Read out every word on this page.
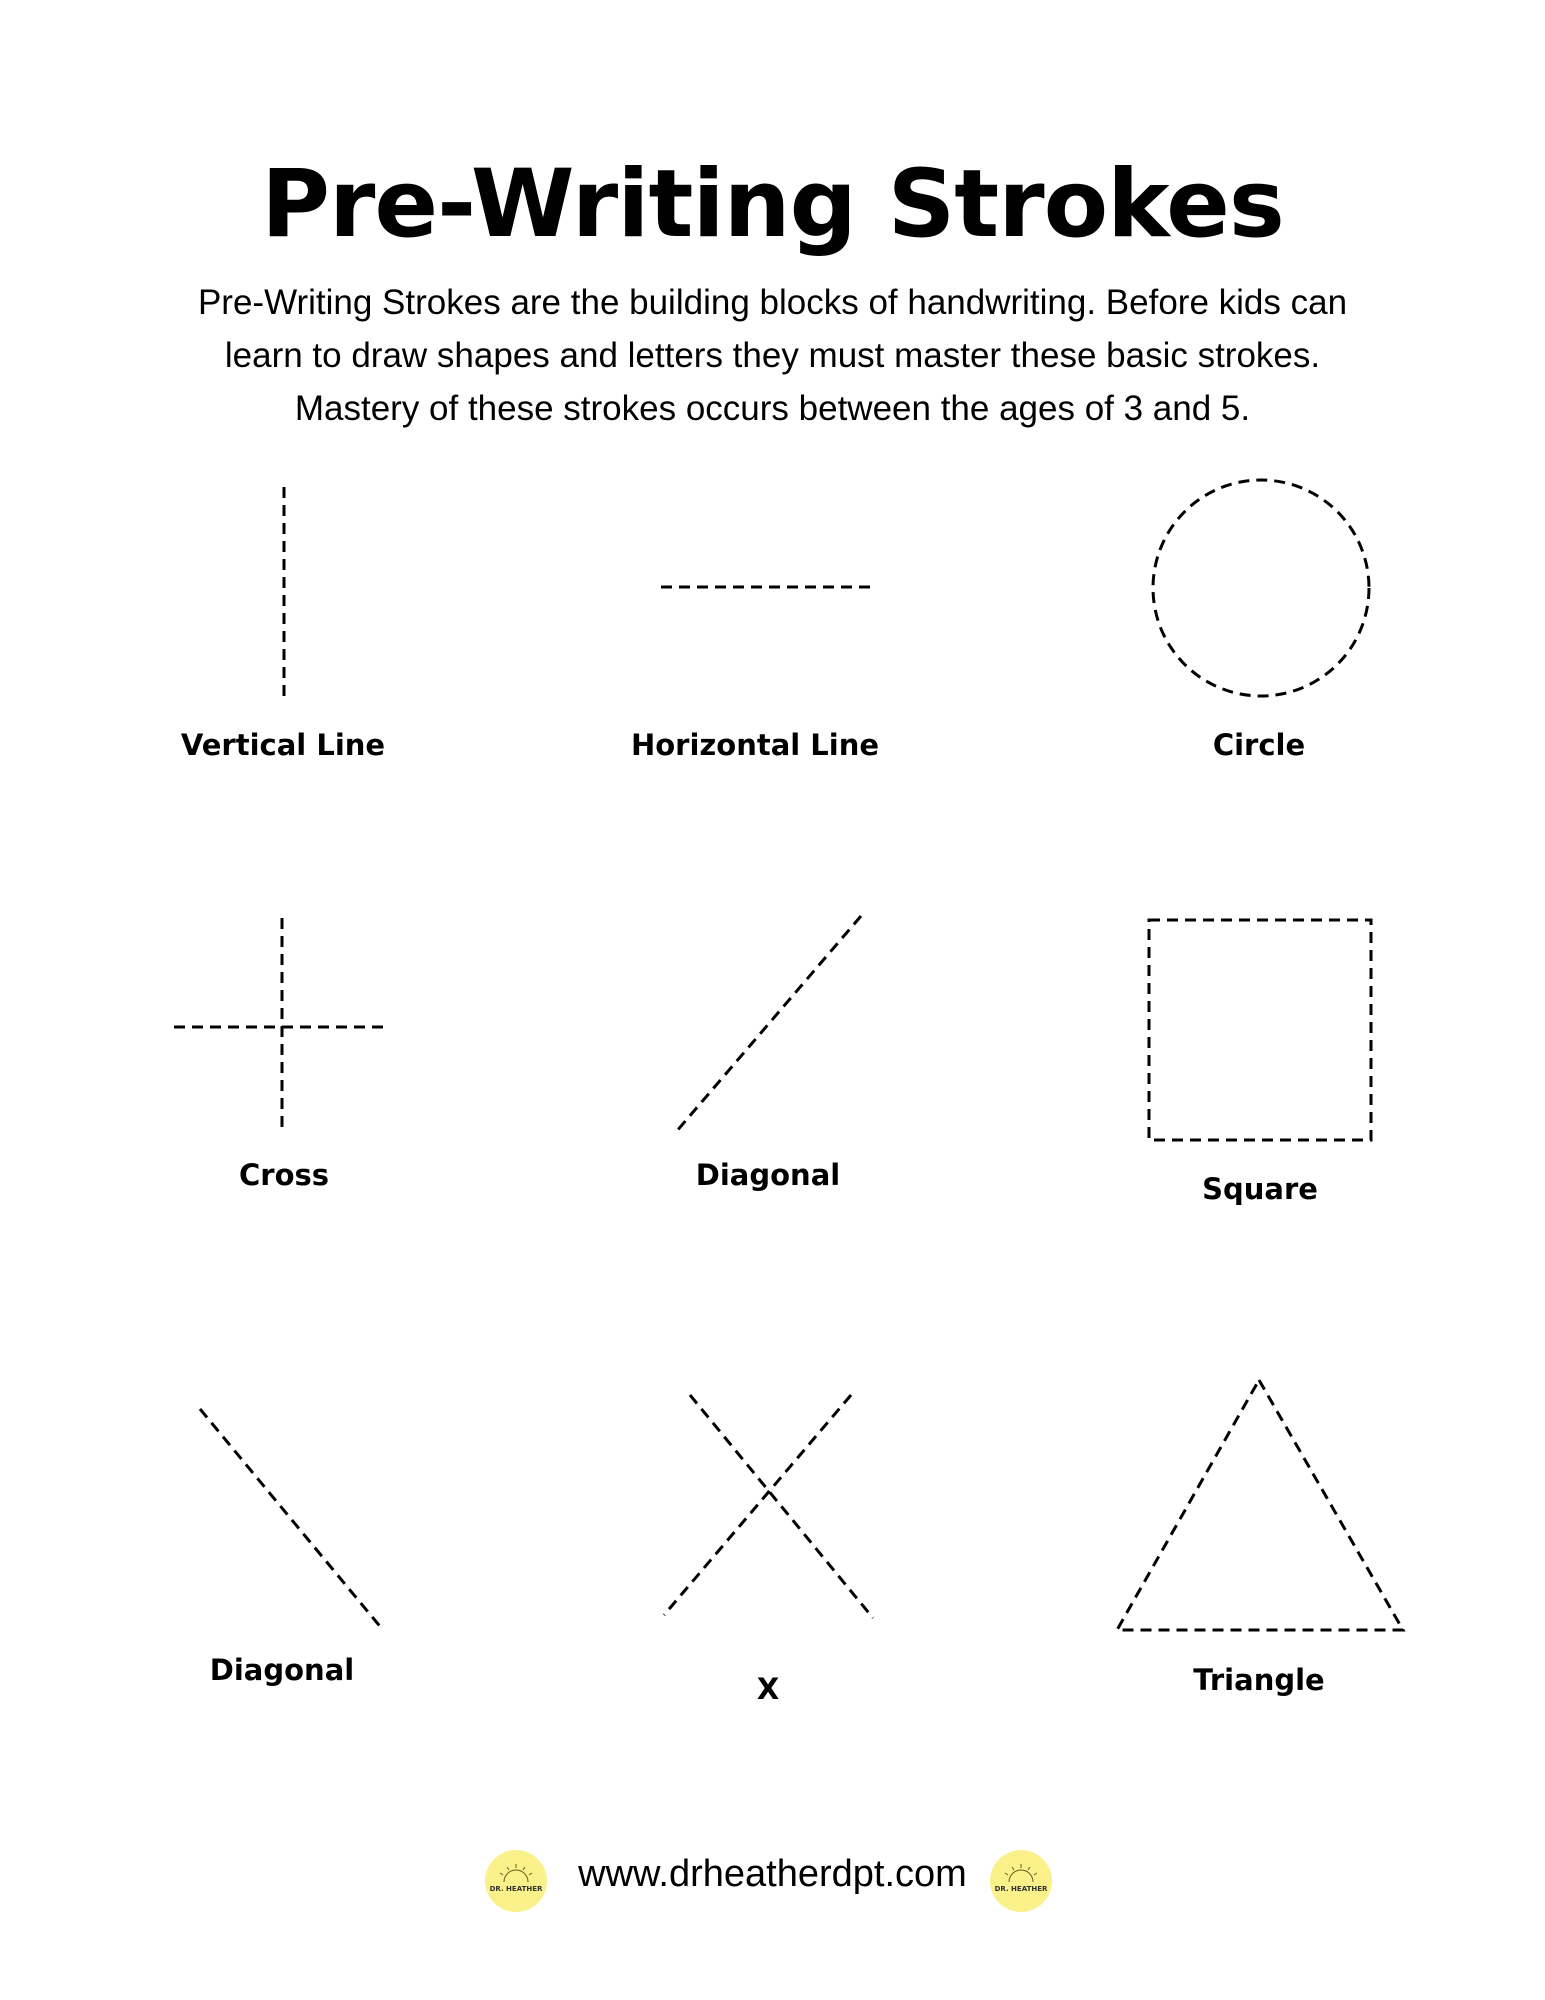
Pre-Writing Strokes

Pre-Writing Strokes are the building blocks of handwriting. Before kids can
learn to draw shapes and letters they must master these basic strokes.
Mastery of these strokes occurs between the ages of 3 and 5.

Vertical Line	Horizontal Line	Circle
Cross	Diagonal	Square
Diagonal
X	Triangle
DR. HEATHER www.drheatherdpt.com	DR. HEATHER
